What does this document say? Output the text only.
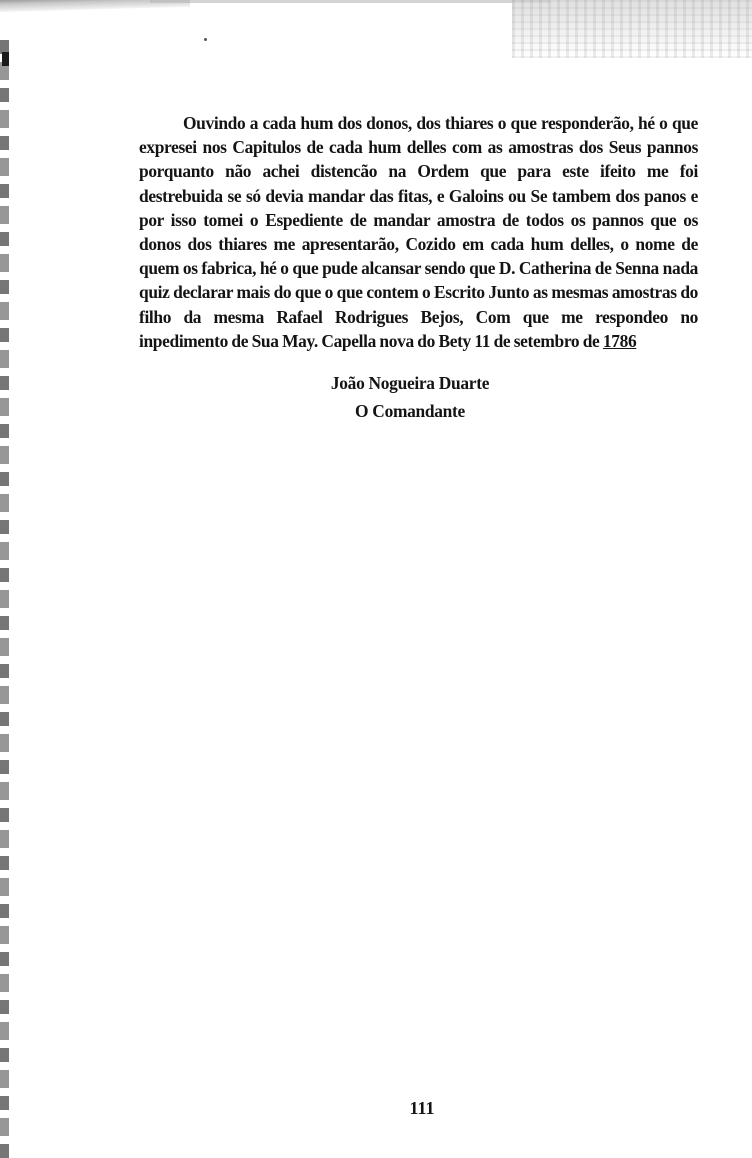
Ouvindo a cada hum dos donos, dos thiares o que responderão, hé o que expresei nos Capitulos de cada hum delles com as amostras dos Seus pannos porquanto não achei distencão na Ordem que para este ifeito me foi destrebuida se só devia mandar das fitas, e Galoins ou Se tambem dos panos e por isso tomei o Espediente de mandar amostra de todos os pannos que os donos dos thiares me apresentarão, Cozido em cada hum delles, o nome de quem os fabrica, hé o que pude alcansar sendo que D. Catherina de Senna nada quiz declarar mais do que o que contem o Escrito Junto as mesmas amostras do filho da mesma Rafael Rodrigues Bejos, Com que me respondeo no inpedimento de Sua May. Capella nova do Bety 11 de setembro de 1786

João Nogueira Duarte

O Comandante

111
